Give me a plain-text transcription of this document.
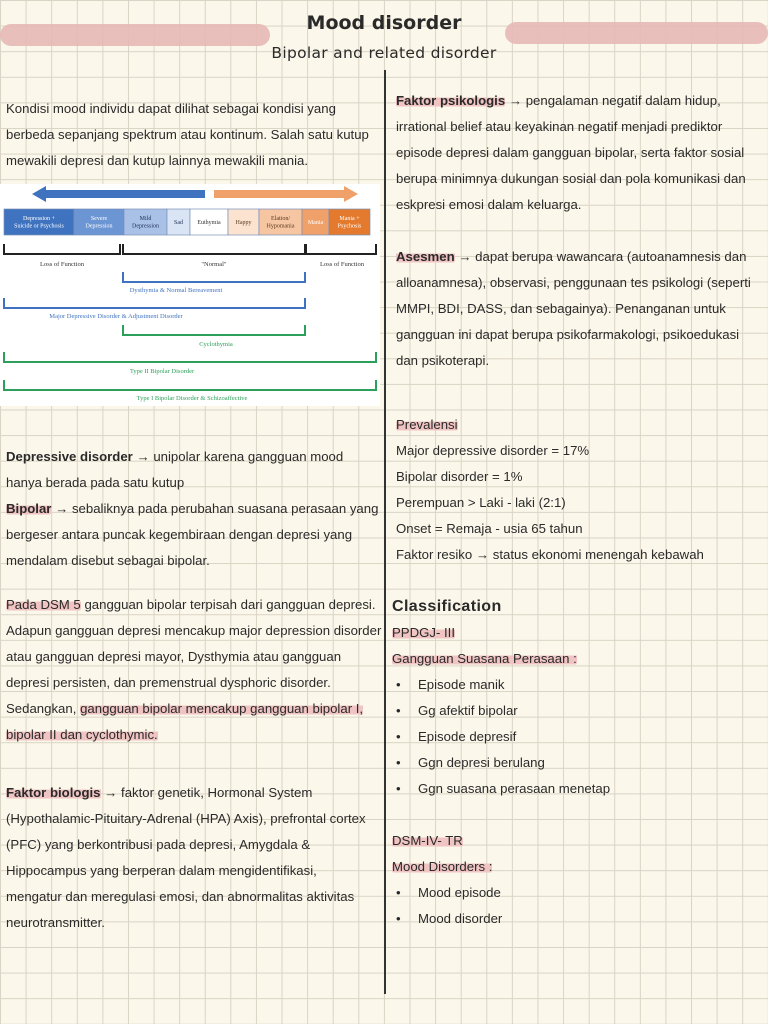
Mood disorder
Bipolar and related disorder

Kondisi mood individu dapat dilihat sebagai kondisi yang berbeda sepanjang spektrum atau kontinum. Salah satu kutup mewakili depresi dan kutup lainnya mewakili mania.

Depression + Suicide or Psychosis
Severe Depression
Mild Depression
Sad Euthymia Happy
Elation/ Hypomania
Mania
Mania + Psychosis
Loss of Function	"Normal"	Loss of Function
Dysthymia & Normal Bereavement
Major Depressive Disorder & Adjustment Disorder
Cyclothymia
Type II Bipolar Disorder
Type I Bipolar Disorder & Schizoaffective

Depressive disorder → unipolar karena gangguan mood hanya berada pada satu kutup

Bipolar → sebaliknya pada perubahan suasana perasaan yang bergeser antara puncak kegembiraan dengan depresi yang mendalam disebut sebagai bipolar.

Pada DSM 5 gangguan bipolar terpisah dari gangguan depresi. Adapun gangguan depresi mencakup major depression disorder atau gangguan depresi mayor, Dysthymia atau gangguan depresi persisten, dan premenstrual dysphoric disorder. Sedangkan, gangguan bipolar mencakup gangguan bipolar I, bipolar II dan cyclothymic.

Faktor biologis → faktor genetik, Hormonal System (Hypothalamic-Pituitary-Adrenal (HPA) Axis), prefrontal cortex (PFC) yang berkontribusi pada depresi, Amygdala & Hippocampus yang berperan dalam mengidentifikasi, mengatur dan meregulasi emosi, dan abnormalitas aktivitas neurotransmitter.

Faktor psikologis → pengalaman negatif dalam hidup, irrational belief atau keyakinan negatif menjadi prediktor episode depresi dalam gangguan bipolar, serta faktor sosial berupa minimnya dukungan sosial dan pola komunikasi dan eskpresi emosi dalam keluarga.

Asesmen → dapat berupa wawancara (autoanamnesis dan alloanamnesa), observasi, penggunaan tes psikologi (seperti MMPI, BDI, DASS, dan sebagainya). Penanganan untuk gangguan ini dapat berupa psikofarmakologi, psikoedukasi dan psikoterapi.

Prevalensi

Major depressive disorder = 17%

Bipolar disorder = 1%

Perempuan > Laki - laki (2:1)

Onset = Remaja - usia 65 tahun

Faktor resiko → status ekonomi menengah kebawah

Classification

PPDGJ- III

Gangguan Suasana Perasaan :

• Episode manik
• Gg afektif bipolar
• Episode depresif
• Ggn depresi berulang
• Ggn suasana perasaan menetap

DSM-IV- TR

Mood Disorders :

• Mood episode
• Mood disorder
